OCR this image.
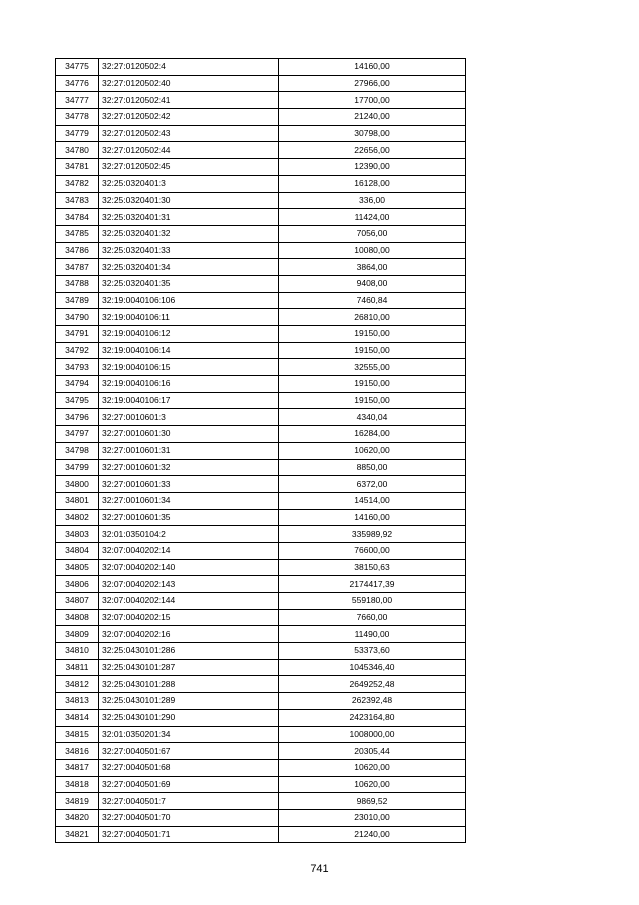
34775	32:27:0120502:4	14160,00
34776	32:27:0120502:40	27966,00
34777	32:27:0120502:41	17700,00
34778	32:27:0120502:42	21240,00
34779	32:27:0120502:43	30798,00
34780	32:27:0120502:44	22656,00
34781	32:27:0120502:45	12390,00
34782	32:25:0320401:3	16128,00
34783	32:25:0320401:30	336,00
34784	32:25:0320401:31	11424,00
34785	32:25:0320401:32	7056,00
34786	32:25:0320401:33	10080,00
34787	32:25:0320401:34	3864,00
34788	32:25:0320401:35	9408,00
34789	32:19:0040106:106	7460,84
34790	32:19:0040106:11	26810,00
34791	32:19:0040106:12	19150,00
34792	32:19:0040106:14	19150,00
34793	32:19:0040106:15	32555,00
34794	32:19:0040106:16	19150,00
34795	32:19:0040106:17	19150,00
34796	32:27:0010601:3	4340,04
34797	32:27:0010601:30	16284,00
34798	32:27:0010601:31	10620,00
34799	32:27:0010601:32	8850,00
34800	32:27:0010601:33	6372,00
34801	32:27:0010601:34	14514,00
34802	32:27:0010601:35	14160,00
34803	32:01:0350104:2	335989,92
34804	32:07:0040202:14	76600,00
34805	32:07:0040202:140	38150,63
34806	32:07:0040202:143	2174417,39
34807	32:07:0040202:144	559180,00
34808	32:07:0040202:15	7660,00
34809	32:07:0040202:16	11490,00
34810	32:25:0430101:286	53373,60
34811	32:25:0430101:287	1045346,40
34812	32:25:0430101:288	2649252,48
34813	32:25:0430101:289	262392,48
34814	32:25:0430101:290	2423164,80
34815	32:01:0350201:34	1008000,00
34816	32:27:0040501:67	20305,44
34817	32:27:0040501:68	10620,00
34818	32:27:0040501:69	10620,00
34819	32:27:0040501:7	9869,52
34820	32:27:0040501:70	23010,00
34821	32:27:0040501:71	21240,00
741
